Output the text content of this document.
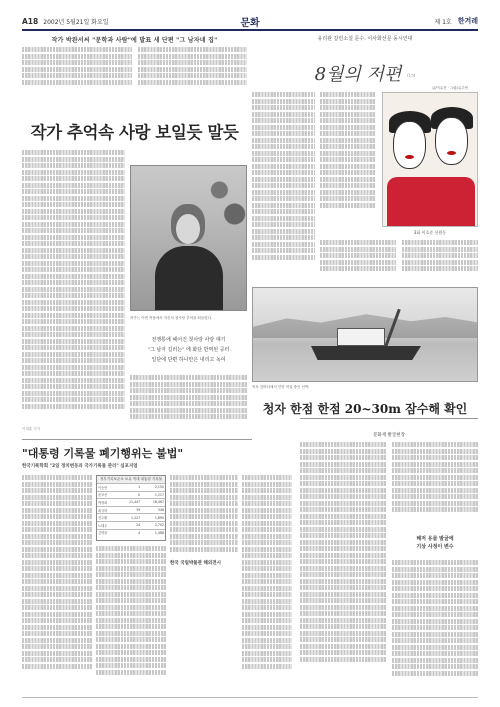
A18 2002년 5월21일 화요일	문화	제 1호 한겨레
작가 박완서씨 "문학과 사람"에 발표 새 단편 "그 남자네 집"
작가 추억속 사랑 보일듯 말듯
작가는 이번 작품에서 자신의 첫사랑 추억을 떠올렸다.
전쟁통에 헤어진 첫사랑 사랑 얘기
"그 남자 길러는" 에 화단 반역된 공터
일단에 단편 하나만은 내리고 녹여
이재훈 기자
유리관 갈린소설 문수. 이사화선문 동시인대
8월의 저편 (15)
글/이유진 · 그림/유주연
3화 이호준 선원동
목포 앞바다에서 인양 작업 중인 선박.
청자 한점 한점 20~30m 잠수해 확인
"대통령 기록물 폐기행위는 불법"
한국기록학회 "2일 정치변동과 국가기록물 관리" 심포지엄
정부기록보존소 보유 역대 대통령 기록물
이승만	1	2,150
윤보선	0	1,217
박정희	11,447	18,467
최규하	39	346
전두환	1,227	1,895
노태우	24	2,702
김영삼	4	1,488
한국 국립박물관 해외전시
문화재 발굴현장
해저 유물 발굴에
기상 사정이 변수
